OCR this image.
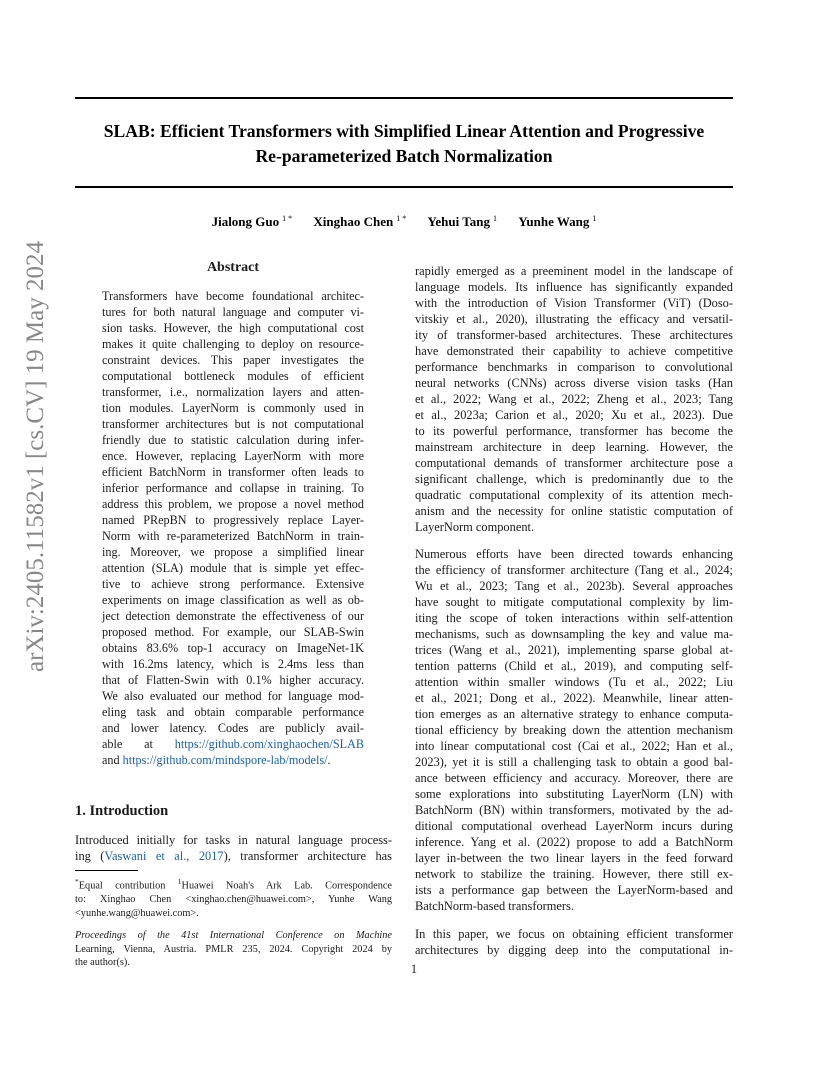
SLAB: Efficient Transformers with Simplified Linear Attention and Progressive
Re-parameterized Batch Normalization
Jialong Guo $^{1 *}$ Xinghao Chen $^{1 *}$ Yehui Tang $^1$ Yunhe Wang $^1$
arXiv:2405.11582v1 [cs.CV] 19 May 2024	Abstract
Transformers have become foundational architec-
tures for both natural language and computer vi-
sion tasks. However, the high computational cost
makes it quite challenging to deploy on resource-
constraint devices. This paper investigates the
computational bottleneck modules of efficient
transformer, i.e., normalization layers and atten-
tion modules. LayerNorm is commonly used in
transformer architectures but is not computational
friendly due to statistic calculation during infer-
ence. However, replacing LayerNorm with more
efficient BatchNorm in transformer often leads to
inferior performance and collapse in training. To
address this problem, we propose a novel method
named PRepBN to progressively replace Layer-
Norm with re-parameterized BatchNorm in train-
ing. Moreover, we propose a simplified linear
attention (SLA) module that is simple yet effec-
tive to achieve strong performance. Extensive
experiments on image classification as well as ob-
ject detection demonstrate the effectiveness of our
proposed method. For example, our SLAB-Swin
obtains 83.6% top-1 accuracy on ImageNet-1K
with 16.2ms latency, which is 2.4ms less than
that of Flatten-Swin with 0.1% higher accuracy.
We also evaluated our method for language mod-
eling task and obtain comparable performance
and lower latency. Codes are publicly avail-
able at https://github.com/xinghaochen/SLAB
and https://github.com/mindspore-lab/models/.
1. Introduction
Introduced initially for tasks in natural language process-
ing (Vaswani et al., 2017), transformer architecture has
*Equal contribution $^1$Huawei Noah's Ark Lab. Correspondence
to: Xinghao Chen <xinghao.chen@huawei.com>, Yunhe Wang
<yunhe.wang@huawei.com>.
Proceedings of the 41st International Conference on Machine
Learning, Vienna, Austria. PMLR 235, 2024. Copyright 2024 by
the author(s).
rapidly emerged as a preeminent model in the landscape of
language models. Its influence has significantly expanded
with the introduction of Vision Transformer (ViT) (Doso-
vitskiy et al., 2020), illustrating the efficacy and versatil-
ity of transformer-based architectures. These architectures
have demonstrated their capability to achieve competitive
performance benchmarks in comparison to convolutional
neural networks (CNNs) across diverse vision tasks (Han
et al., 2022; Wang et al., 2022; Zheng et al., 2023; Tang
et al., 2023a; Carion et al., 2020; Xu et al., 2023). Due
to its powerful performance, transformer has become the
mainstream architecture in deep learning. However, the
computational demands of transformer architecture pose a
significant challenge, which is predominantly due to the
quadratic computational complexity of its attention mech-
anism and the necessity for online statistic computation of
LayerNorm component.
Numerous efforts have been directed towards enhancing
the efficiency of transformer architecture (Tang et al., 2024;
Wu et al., 2023; Tang et al., 2023b). Several approaches
have sought to mitigate computational complexity by lim-
iting the scope of token interactions within self-attention
mechanisms, such as downsampling the key and value ma-
trices (Wang et al., 2021), implementing sparse global at-
tention patterns (Child et al., 2019), and computing self-
attention within smaller windows (Tu et al., 2022; Liu
et al., 2021; Dong et al., 2022). Meanwhile, linear atten-
tion emerges as an alternative strategy to enhance computa-
tional efficiency by breaking down the attention mechanism
into linear computational cost (Cai et al., 2022; Han et al.,
2023), yet it is still a challenging task to obtain a good bal-
ance between efficiency and accuracy. Moreover, there are
some explorations into substituting LayerNorm (LN) with
BatchNorm (BN) within transformers, motivated by the ad-
ditional computational overhead LayerNorm incurs during
inference. Yang et al. (2022) propose to add a BatchNorm
layer in-between the two linear layers in the feed forward
network to stabilize the training. However, there still ex-
ists a performance gap between the LayerNorm-based and
BatchNorm-based transformers.
In this paper, we focus on obtaining efficient transformer
architectures by digging deep into the computational in-
1
